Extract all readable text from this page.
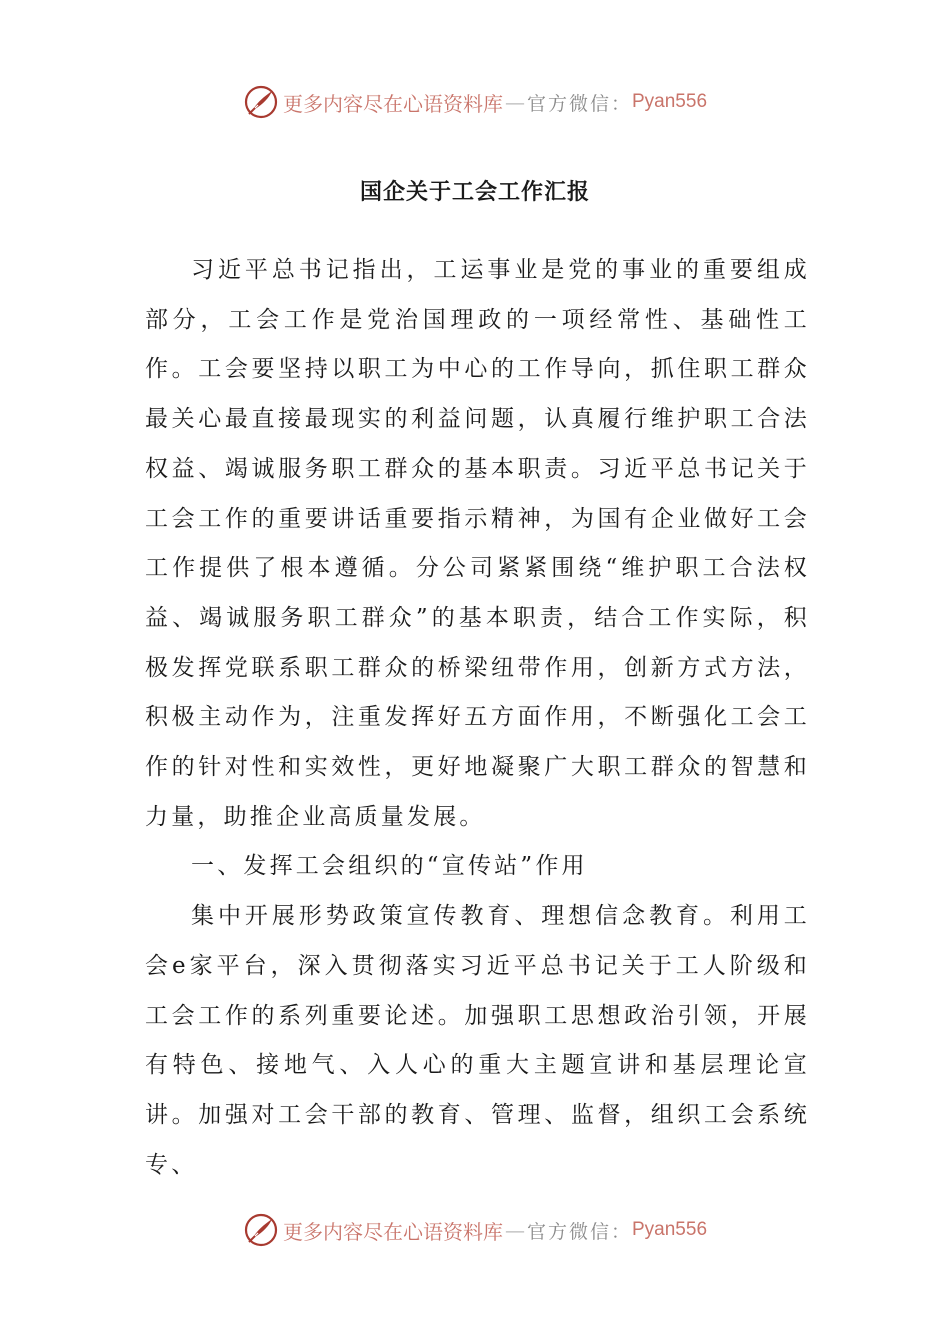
更多内容尽在心语资料库 — 官方微信： Pyan556
国企关于工会工作汇报

习近平总书记指出，工运事业是党的事业的重要组成部分，工会工作是党治国理政的一项经常性、基础性工作。工会要坚持以职工为中心的工作导向，抓住职工群众最关心最直接最现实的利益问题，认真履行维护职工合法权益、竭诚服务职工群众的基本职责。习近平总书记关于工会工作的重要讲话重要指示精神，为国有企业做好工会工作提供了根本遵循。分公司紧紧围绕“维护职工合法权益、竭诚服务职工群众”的基本职责，结合工作实际，积极发挥党联系职工群众的桥梁纽带作用，创新方式方法，积极主动作为，注重发挥好五方面作用，不断强化工会工作的针对性和实效性，更好地凝聚广大职工群众的智慧和力量，助推企业高质量发展。

一、发挥工会组织的“宣传站”作用

集中开展形势政策宣传教育、理想信念教育。利用工会e家平台，深入贯彻落实习近平总书记关于工人阶级和工会工作的系列重要论述。加强职工思想政治引领，开展有特色、接地气、入人心的重大主题宣讲和基层理论宣讲。加强对工会干部的教育、管理、监督，组织工会系统专、

更多内容尽在心语资料库 — 官方微信： Pyan556
